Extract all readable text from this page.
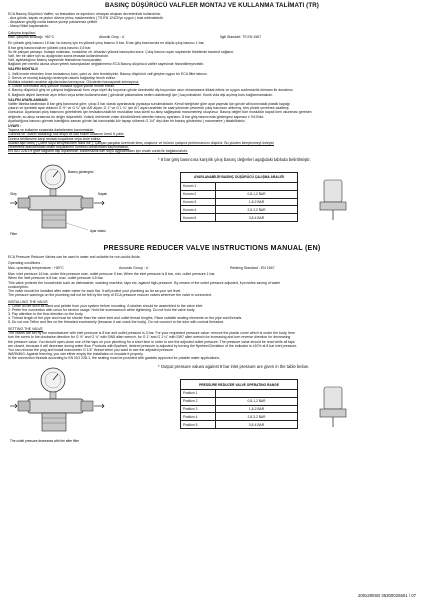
BASINÇ DÜŞÜRÜCÜ VALFLER MONTAJ VE KULLANMA TALİMATI (TR)

ECA Basınç Düşürücü Valfler; su tesisatları ve aşındırıcı olmayan akışkan devrelerinde kullanılırlar.

- Ana gövde, kapak ve piston dövme pirinç malzemeden ( TS EN 12420'ye uygun ) imal edilmektedir.

- Akışkanın geçtiği conta basma yüzeyi paslanmaz çeliktir.

- Manşi Nikel kaplamalıdır.

Çalışma koşulları:

Max. çalışma sıcaklığı: +80°C	Akustik Grup : U	İlgili Standart: TS EN 1567

En yüksek giriş basıncı 16 bar, bu basınç için en yüksek çıkış basıncı 5 bar, 8 bar giriş basıncında en düşük çıkış basıncı 1 bar,

8 bar giriş basıncında en yüksek çıkış basıncı 4,5 bar.

Su ile çalışan çamaşır, bulaşık makinası, musluklar vb. cihazları yüksek basınçtan korur. Çıkış basıncı ayarı sayesinde tüketimde tasarruf sağlanır.

Valf, her bir daire için su ayağından sonra tesisata kullanılmalıdır.

Valf, ayarladığınız basınç sayesinde tesisatınızı koruyacaktır.

Bağlantı yeri nerelsi olursa olsun yeterlı basınçlardan değiştirmeniz ECA Basınç düşürücü valfler sayesinde hissedilmeyecektir.

VALFİN MONTAJI

1. Valfi monte etmeden önce tesisatınızı kum, çakıl vs. den temizleyiniz. Basınç düşürücü valf girişine uygun bir ECA filtre takınız.

2. Servis ve montaj kolaylığı nedeniyle rakorlu bağlantıyı tercih ediniz.

Mutlaka sıkarken anahtar ağızlarından kavrayınız. Gövdeden kavrayarak sıkmayınız.

3. Gövde üzerindeki akış yönüne mutlaka uygun yönde monte ediniz.

4. Basınç düşürücü giriş ve çıkışına bağlanacak boru veya nipel diş boyunun gövde üzerindeki diş boyundan uzun olmamasına dikkat ediniz ve uygun sızdırmazlık elemanı ile donatınız.

5. Bağlantı dişleri üzerinde aşırı teflon veya keten kullanımından ( gövdede çatlamalara neden olabileceği için ) kaçınılmalıdır. Konik vida dişi açılmış boru bağlanmamalıdır.

VALFİN AYARLANMASI

Valfler fabrika tarafından 8 bar giriş basıncına göre, çıkışı 3 bar olarak ayarlanarak piyasaya sunulmaktadır. Kendi isteğinize göre ayar yapmak için gövde alt kısmındaki plastik kapağı

çıkarın ve içerideki ayar vidasını G ½" ve G ¾" için A/5 alyan, G 1" ve G 1 ¼" için A/7 alyan anahtarı ile saat yönünde çevirerek çıkış basıncını arttırmış, ters yönde çevirerek azaltmış

olursunuz. Ayarlanan çıkış basıncını görebilmek için tesisatınızdaki bir musluktan kısa süreli su akışı sağlayarak manometreyi okuyunuz. Basınç değeri tüm musluklar kapalı iken okunması gereken

değerdir; su akışı sırasında bu değer düşecektir. Volanlı ürünlerde volan döndürülerek istenilen basınç ayarlanır. 8 bar giriş basıncında göstergesi sapması ± %10'dur.

Ayarladığınız basıncı görmek istediğiniz zaman gövde üst kısmındaki kör tapayı sökerek G 1/4" dişi olan bir basınç göstericisi ( manometre ) takabilirsiniz.

UYARI :

Taşıma ve kullanım sırasında darbelerden korunmalıdır.

Gümrük ve Ticaret Bakanlığı'nca tespit ve ilan edilen kullanım ömrü 5 yıldır.

Donma tehlikesine karşı tesisatı boşaltınız veya izole ediniz.

Sudaki aşırı kireç ( Çöme suyu seviyesinden fazla ise ), Çalışan parçalar üzerinde kireç oluşturur ve ürünün çalışma performansını düşürür. Bu yüzden kireçlenmeyi önleyici

Dezenfeks alanlarındaki ortam koşullarının kontrolü olmasından kaçınılmalıdır.

EN ISO 228-1'e göre bağlantı dişi ölçülerinde, sızdırmazlık tüm suyu uygulamaları için civatlı conta ile bağlanmalıdır.

Filtre
Ayar vidası
Basınç göstergesi
Giriş	Kapak

* 8 bar giriş basıncına karşılık çıkış basınç değerleri aşağıdaki tabloda belirtilmiştir.

AYARLANABİLİR BASINÇ DÜŞÜRÜCÜ ÇALIŞMA ARALIĞI	
Konum 1	
Konum 2	0,8-1,2 BAR
Konum 3	1,8-2 BAR
Konum 4	2,8-3,2 BAR
Konum 5	3,8-4 BAR
PRESSURE REDUCER VALVE INSTRUCTIONS MANUAL (EN)

ECA Pressure Reducer Valves can be used in water and suitable for non-acidic fluids.

Operating conditions :

Max. operating temperature : +80°C	Acoustic Group : U	Relating Standard : EN 1567

Max. inlet pressure 16 bar, under this pressure max. outlet pressure 5 bar; When the inlet pressure is 8 bar, min. outlet pressure 1 bar,

When the inlet pressure is 8 bar, max. outlet pressure 4.5 bar.

This valve protects the households such as dishwasher, washing machine, taps etc. against high-pressure. By means of the outlet pressure adjusted, it provides saving of water

consumption.

The valve should be installed after water meter for each flat. It will protect your plumbing as far as your set level.

The pressure warnings on the plumbing will not be felt by the help of ECA pressure reducer valves wherever the valve is connected.

INSTALLING THE VALVE

1. Clean all dirt such as sand and pebble from your system before mounting. A strainer should be assembled to the valve inlet.

2. Prefer the connection with union for service usage. Hold the screwwrench while tightening. Do not hold the valve body.

3. Pay attention to the flow direction on the body.

4. Thread length of the pipe and must be shorter than the valve inlet and outlet thread lengths. Place suitable sealing elements on the pipe and threads.

5. Do not use Teflon and flex on the threaded excessively (because it can crack the body). Do not connect to the tube with conical threaded.

SETTING THE VALVE

The valves are set by the manufacturer with inlet pressure is 8 bar and outlet pressure is 3 bar. For your requested pressure value; remove the plastic cover which is under the body, then

turn the screw to the clockwise direction for G ½" and G ¾" with SW5 allen wrench, for G 1" and G 1 ¼" with SW7 allen wrench for increasing and turn reverse direction for decreasing

the pressure value. You should open-close one of the taps on your plumbing for a short time in order to see the adjusted outlet pressure. The pressure value should be read while all taps

are closed, because it will decrease during water flow. Products with flywheel, desired pressure is adjusted by turning the flywheel.Deviation of the indicator is ±10% at 8 bar inlet pressure.

You can remove the plug and install manometer G 1/4" thread when you want to see the adjusted pressure.

WARNING: Against freezing, you can either empty the installation or insulate it properly.

In the connection threads according to EN ISO 228-1, the sealing must be provided with gaskets approved for potable water applications.

The outlet pressure decreases with the after filter

* Output pressure values against 8 bar inlet pressure are given in the table below.

PRESSURE REDUCER VALVE OPERATING RANGE	
Position 1	
Position 2	0,8-1,2 BAR
Position 3	1,8-2 BAR
Position 4	2,8-3,2 BAR
Position 5	3,8-4 BAR
200x280SB 35300026601 / 07
